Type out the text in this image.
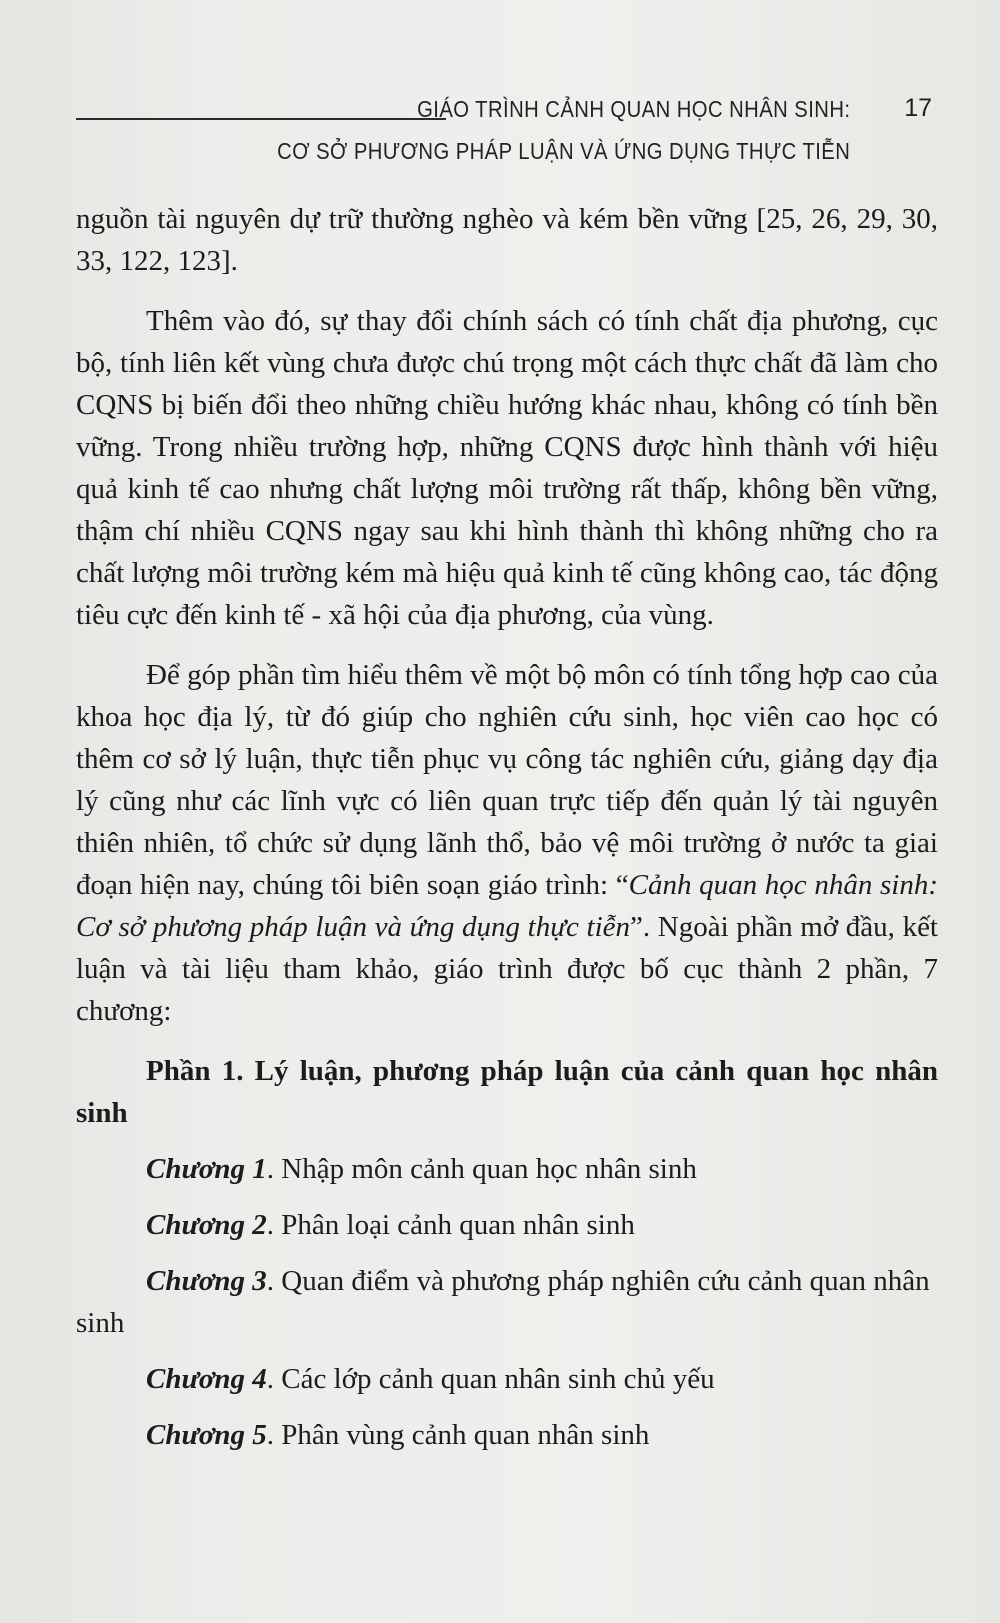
GIÁO TRÌNH CẢNH QUAN HỌC NHÂN SINH:
CƠ SỞ PHƯƠNG PHÁP LUẬN VÀ ỨNG DỤNG THỰC TIỄN
17

nguồn tài nguyên dự trữ thường nghèo và kém bền vững [25, 26, 29, 30, 33, 122, 123].

Thêm vào đó, sự thay đổi chính sách có tính chất địa phương, cục bộ, tính liên kết vùng chưa được chú trọng một cách thực chất đã làm cho CQNS bị biến đổi theo những chiều hướng khác nhau, không có tính bền vững. Trong nhiều trường hợp, những CQNS được hình thành với hiệu quả kinh tế cao nhưng chất lượng môi trường rất thấp, không bền vững, thậm chí nhiều CQNS ngay sau khi hình thành thì không những cho ra chất lượng môi trường kém mà hiệu quả kinh tế cũng không cao, tác động tiêu cực đến kinh tế - xã hội của địa phương, của vùng.

Để góp phần tìm hiểu thêm về một bộ môn có tính tổng hợp cao của khoa học địa lý, từ đó giúp cho nghiên cứu sinh, học viên cao học có thêm cơ sở lý luận, thực tiễn phục vụ công tác nghiên cứu, giảng dạy địa lý cũng như các lĩnh vực có liên quan trực tiếp đến quản lý tài nguyên thiên nhiên, tổ chức sử dụng lãnh thổ, bảo vệ môi trường ở nước ta giai đoạn hiện nay, chúng tôi biên soạn giáo trình: “Cảnh quan học nhân sinh: Cơ sở phương pháp luận và ứng dụng thực tiễn”. Ngoài phần mở đầu, kết luận và tài liệu tham khảo, giáo trình được bố cục thành 2 phần, 7 chương:

Phần 1. Lý luận, phương pháp luận của cảnh quan học nhân sinh

Chương 1. Nhập môn cảnh quan học nhân sinh

Chương 2. Phân loại cảnh quan nhân sinh

Chương 3. Quan điểm và phương pháp nghiên cứu cảnh quan nhân sinh

Chương 4. Các lớp cảnh quan nhân sinh chủ yếu

Chương 5. Phân vùng cảnh quan nhân sinh
